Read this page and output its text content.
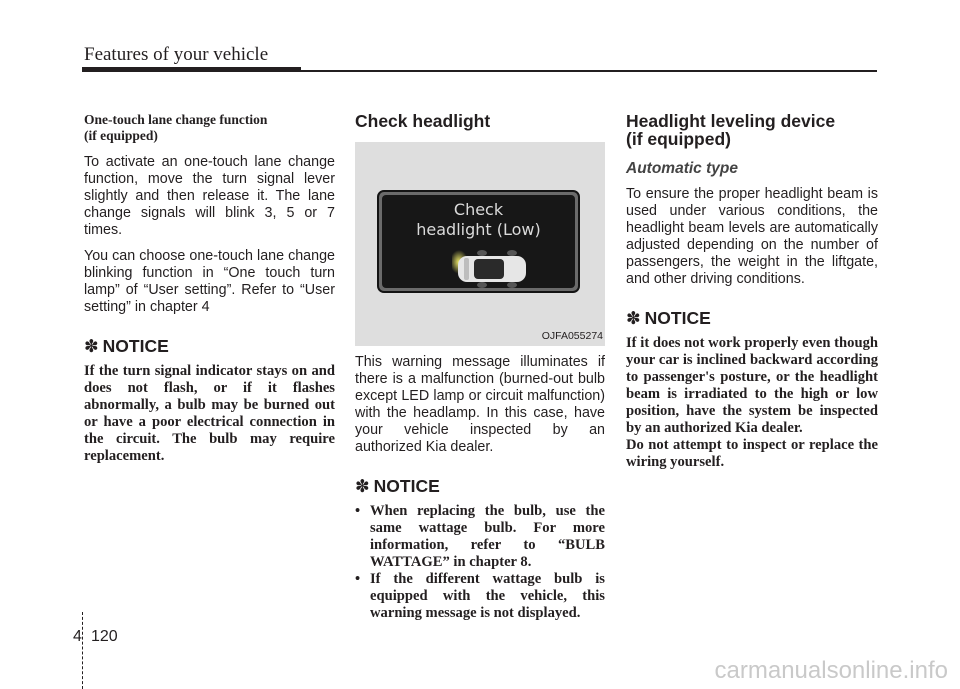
Features of your vehicle
One-touch lane change function
(if equipped)

To activate an one-touch lane change function, move the turn signal lever slightly and then release it. The lane change signals will blink 3, 5 or 7 times.

You can choose one-touch lane change blinking function in “One touch turn lamp” of “User setting”. Refer to “User setting” in chapter 4

✽ NOTICE

If the turn signal indicator stays on and does not flash, or if it flashes abnormally, a bulb may be burned out or have a poor electrical connection in the circuit. The bulb may require replacement.

Check headlight
Check
headlight (Low)
OJFA055274

This warning message illuminates if there is a malfunction (burned-out bulb except LED lamp or circuit malfunction) with the headlamp. In this case, have your vehicle inspected by an authorized Kia dealer.

✽ NOTICE
• When replacing the bulb, use the same wattage bulb. For more information, refer to “BULB WATTAGE” in chapter 8.
• If the different wattage bulb is equipped with the vehicle, this warning message is not displayed.
Headlight leveling device
(if equipped)
Automatic type

To ensure the proper headlight beam is used under various conditions, the headlight beam levels are automatically adjusted depending on the number of passengers, the weight in the liftgate, and other driving conditions.

✽ NOTICE

If it does not work properly even though your car is inclined backward according to passenger's posture, or the headlight beam is irradiated to the high or low position, have the system be inspected by an authorized Kia dealer.

Do not attempt to inspect or replace the wiring yourself.

4 120
carmanualsonline.info
